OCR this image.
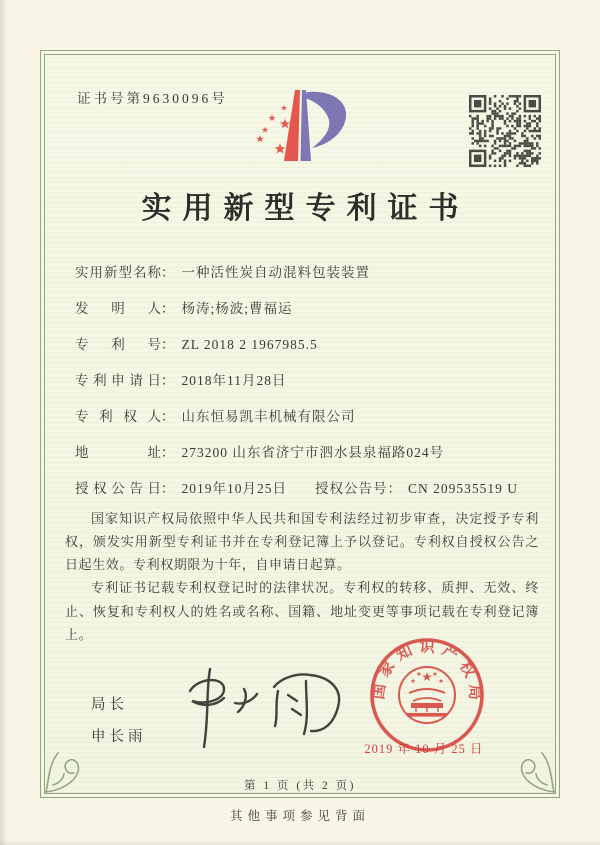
证书号第9630096号
实用新型专利证书
实用新型名称： 一种活性炭自动混料包装装置
发明人： 杨涛;杨波;曹福运
专利号： ZL 2018 2 1967985.5
专利申请日： 2018年11月28日
专利权人： 山东恒易凯丰机械有限公司
地址： 273200 山东省济宁市泗水县泉福路024号
授权公告日： 2019年10月25日 授权公告号： CN 209535519 U

国家知识产权局依照中华人民共和国专利法经过初步审查，决定授予专利权，颁发实用新型专利证书并在专利登记簿上予以登记。专利权自授权公告之日起生效。专利权期限为十年，自申请日起算。

专利证书记载专利权登记时的法律状况。专利权的转移、质押、无效、终止、恢复和专利权人的姓名或名称、国籍、地址变更等事项记载在专利登记簿上。

局长
申长雨
国家知识产权局
2019 年 10 月 25 日
第 1 页 (共 2 页)
其他事项参见背面
